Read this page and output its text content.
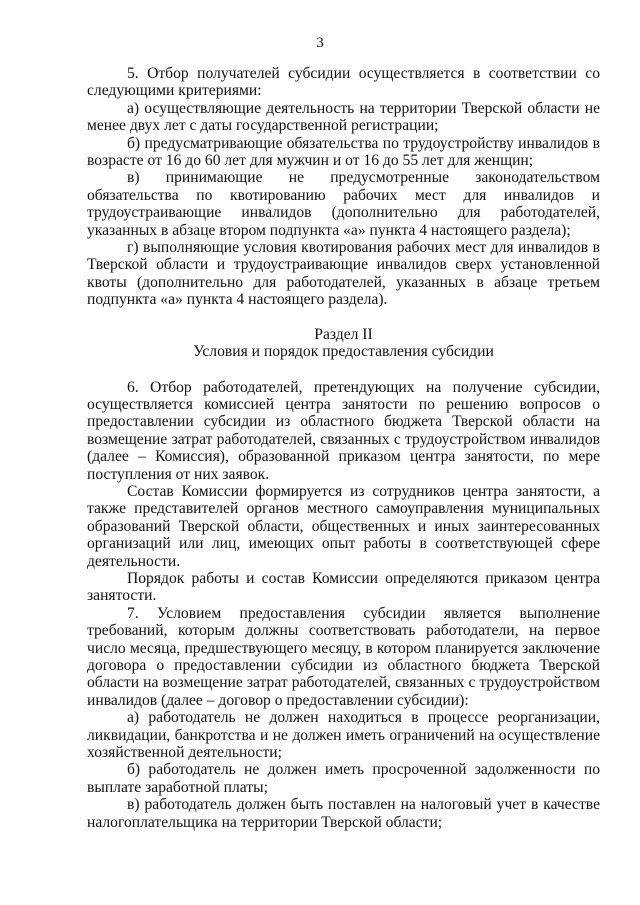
3

5. Отбор получателей субсидии осуществляется в соответствии со следующими критериями:

а) осуществляющие деятельность на территории Тверской области не менее двух лет с даты государственной регистрации;

б) предусматривающие обязательства по трудоустройству инвалидов в возрасте от 16 до 60 лет для мужчин и от 16 до 55 лет для женщин;

в) принимающие не предусмотренные законодательством обязательства по квотированию рабочих мест для инвалидов и трудоустраивающие инвалидов (дополнительно для работодателей, указанных в абзаце втором подпункта «а» пункта 4 настоящего раздела);

г) выполняющие условия квотирования рабочих мест для инвалидов в Тверской области и трудоустраивающие инвалидов сверх установленной квоты (дополнительно для работодателей, указанных в абзаце третьем подпункта «а» пункта 4 настоящего раздела).

Раздел II

Условия и порядок предоставления субсидии

6. Отбор работодателей, претендующих на получение субсидии, осуществляется комиссией центра занятости по решению вопросов о предоставлении субсидии из областного бюджета Тверской области на возмещение затрат работодателей, связанных с трудоустройством инвалидов (далее – Комиссия), образованной приказом центра занятости, по мере поступления от них заявок.

Состав Комиссии формируется из сотрудников центра занятости, а также представителей органов местного самоуправления муниципальных образований Тверской области, общественных и иных заинтересованных организаций или лиц, имеющих опыт работы в соответствующей сфере деятельности.

Порядок работы и состав Комиссии определяются приказом центра занятости.

7. Условием предоставления субсидии является выполнение требований, которым должны соответствовать работодатели, на первое число месяца, предшествующего месяцу, в котором планируется заключение договора о предоставлении субсидии из областного бюджета Тверской области на возмещение затрат работодателей, связанных с трудоустройством инвалидов (далее – договор о предоставлении субсидии):

а) работодатель не должен находиться в процессе реорганизации, ликвидации, банкротства и не должен иметь ограничений на осуществление хозяйственной деятельности;

б) работодатель не должен иметь просроченной задолженности по выплате заработной платы;

в) работодатель должен быть поставлен на налоговый учет в качестве налогоплательщика на территории Тверской области;
